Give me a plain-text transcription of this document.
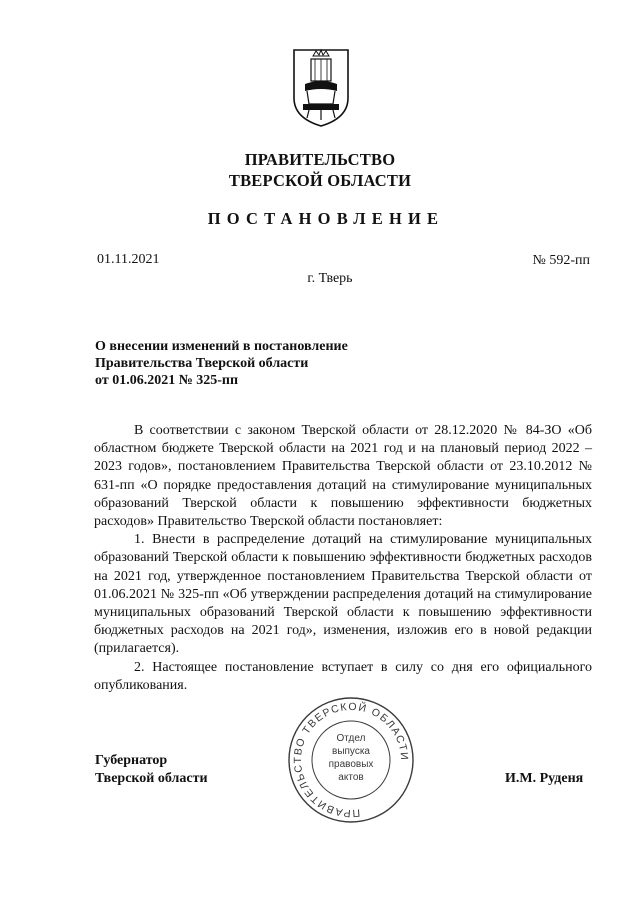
ПРАВИТЕЛЬСТВО
ТВЕРСКОЙ ОБЛАСТИ
ПОСТАНОВЛЕНИЕ
01.11.2021	№ 592-пп
г. Тверь
О внесении изменений в постановление
Правительства Тверской области
от 01.06.2021 № 325-пп

В соответствии с законом Тверской области от 28.12.2020 № 84-ЗО «Об областном бюджете Тверской области на 2021 год и на плановый период 2022 – 2023 годов», постановлением Правительства Тверской области от 23.10.2012 № 631-пп «О порядке предоставления дотаций на стимулирование муниципальных образований Тверской области к повышению эффективности бюджетных расходов» Правительство Тверской области постановляет:

1. Внести в распределение дотаций на стимулирование муниципальных образований Тверской области к повышению эффективности бюджетных расходов на 2021 год, утвержденное постановлением Правительства Тверской области от 01.06.2021 № 325-пп «Об утверждении распределения дотаций на стимулирование муниципальных образований Тверской области к повышению эффективности бюджетных расходов на 2021 год», изменения, изложив его в новой редакции (прилагается).

2. Настоящее постановление вступает в силу со дня его официального опубликования.

Губернатор
Тверской области	И.М. Руденя
ПРАВИТЕЛЬСТВО ТВЕРСКОЙ ОБЛАСТИ
Отдел
выпуска
правовых
актов
